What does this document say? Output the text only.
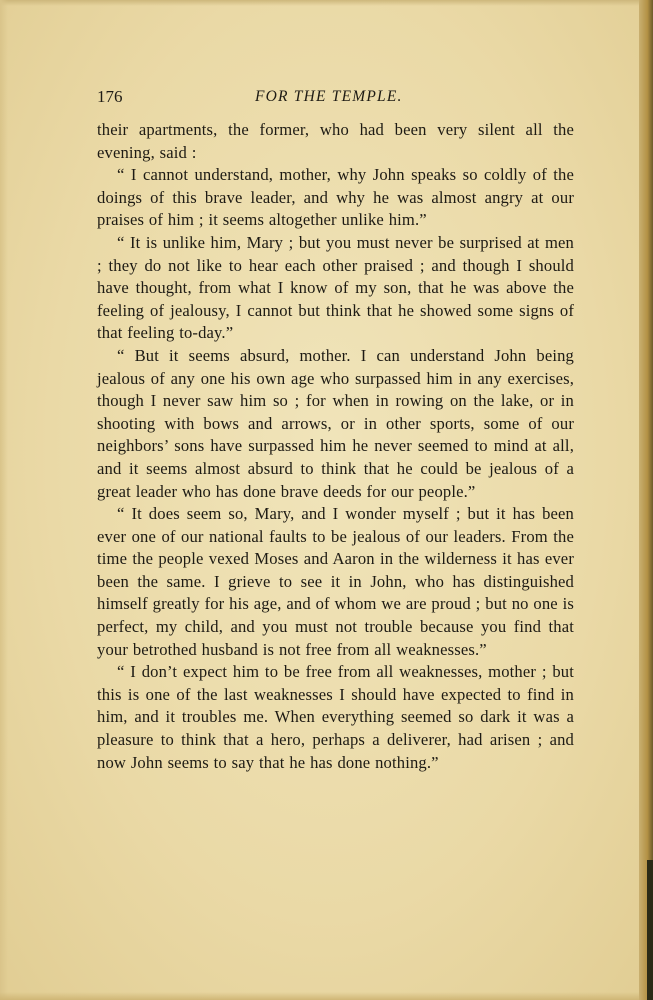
176	FOR THE TEMPLE.

their apartments, the former, who had been very silent all the evening, said :

“ I cannot understand, mother, why John speaks so coldly of the doings of this brave leader, and why he was almost angry at our praises of him ; it seems altogether unlike him.”

“ It is unlike him, Mary ; but you must never be surprised at men ; they do not like to hear each other praised ; and though I should have thought, from what I know of my son, that he was above the feeling of jealousy, I cannot but think that he showed some signs of that feeling to-day.”

“ But it seems absurd, mother. I can understand John being jealous of any one his own age who surpassed him in any exercises, though I never saw him so ; for when in rowing on the lake, or in shooting with bows and arrows, or in other sports, some of our neighbors’ sons have surpassed him he never seemed to mind at all, and it seems almost absurd to think that he could be jealous of a great leader who has done brave deeds for our people.”

“ It does seem so, Mary, and I wonder myself ; but it has been ever one of our national faults to be jealous of our leaders. From the time the people vexed Moses and Aaron in the wilderness it has ever been the same. I grieve to see it in John, who has distinguished himself greatly for his age, and of whom we are proud ; but no one is perfect, my child, and you must not trouble because you find that your betrothed husband is not free from all weaknesses.”

“ I don’t expect him to be free from all weaknesses, mother ; but this is one of the last weaknesses I should have expected to find in him, and it troubles me. When everything seemed so dark it was a pleasure to think that a hero, perhaps a deliverer, had arisen ; and now John seems to say that he has done nothing.”
